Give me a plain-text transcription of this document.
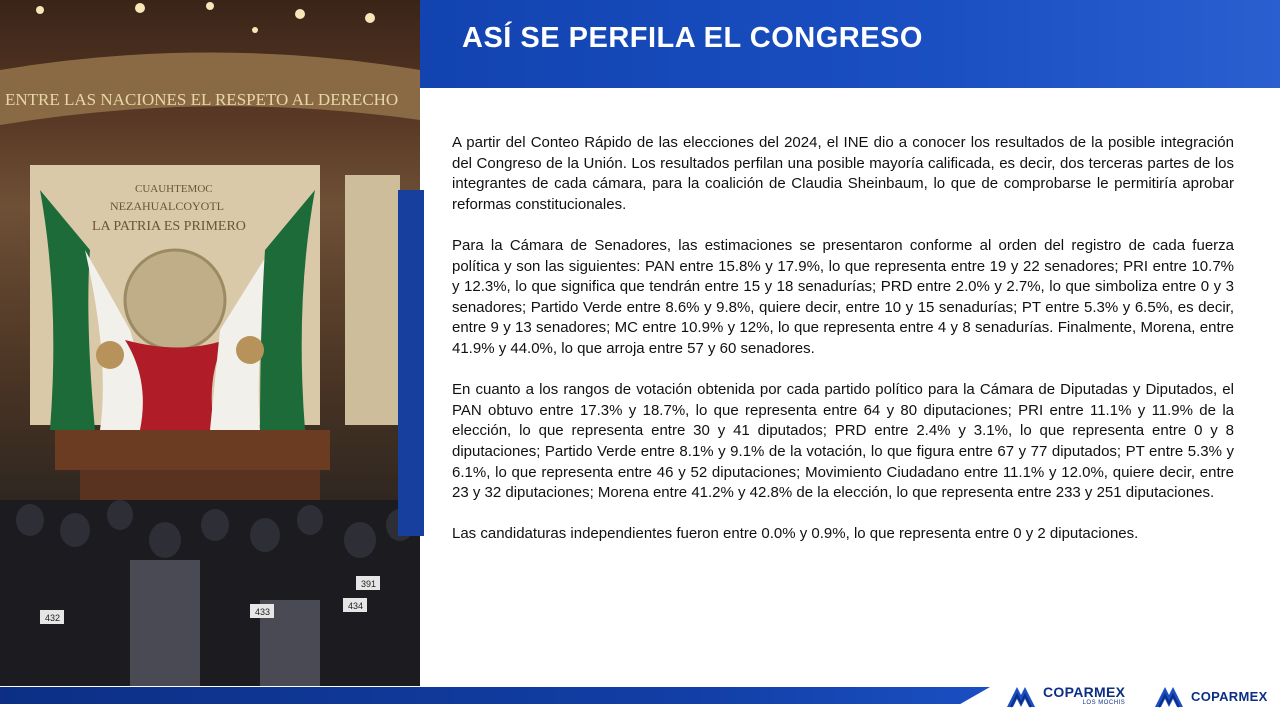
ENTRE LAS NACIONES EL RESPETO AL DERECHO
CUAUHTEMOC
NEZAHUALCOYOTL
LA PATRIA ES PRIMERO
391
433
434
432
ASÍ SE PERFILA EL CONGRESO

A partir del Conteo Rápido de las elecciones del 2024, el INE dio a conocer los resultados de la posible integración del Congreso de la Unión. Los resultados perfilan una posible mayoría calificada, es decir, dos terceras partes de los integrantes de cada cámara, para la coalición de Claudia Sheinbaum, lo que de comprobarse le permitiría aprobar reformas constitucionales.

Para la Cámara de Senadores, las estimaciones se presentaron conforme al orden del registro de cada fuerza política y son las siguientes: PAN entre 15.8% y 17.9%, lo que representa entre 19 y 22 senadores; PRI entre 10.7% y 12.3%, lo que significa que tendrán entre 15 y 18 senadurías; PRD entre 2.0% y 2.7%, lo que simboliza entre 0 y 3 senadores; Partido Verde entre 8.6% y 9.8%, quiere decir, entre 10 y 15 senadurías; PT entre 5.3% y 6.5%, es decir, entre 9 y 13 senadores; MC entre 10.9% y 12%, lo que representa entre 4 y 8 senadurías. Finalmente, Morena, entre 41.9% y 44.0%, lo que arroja entre 57 y 60 senadores.

En cuanto a los rangos de votación obtenida por cada partido político para la Cámara de Diputadas y Diputados, el PAN obtuvo entre 17.3% y 18.7%, lo que representa entre 64 y 80 diputaciones; PRI entre 11.1% y 11.9% de la elección, lo que representa entre 30 y 41 diputados; PRD entre 2.4% y 3.1%, lo que representa entre 0 y 8 diputaciones; Partido Verde entre 8.1% y 9.1% de la votación, lo que figura entre 67 y 77 diputados; PT entre 5.3% y 6.1%, lo que representa entre 46 y 52 diputaciones; Movimiento Ciudadano entre 11.1% y 12.0%, quiere decir, entre 23 y 32 diputaciones; Morena entre 41.2% y 42.8% de la elección, lo que representa entre 233 y 251 diputaciones.

Las candidaturas independientes fueron entre 0.0% y 0.9%, lo que representa entre 0 y 2 diputaciones.

COPARMEX
LOS MOCHIS	COPARMEX
